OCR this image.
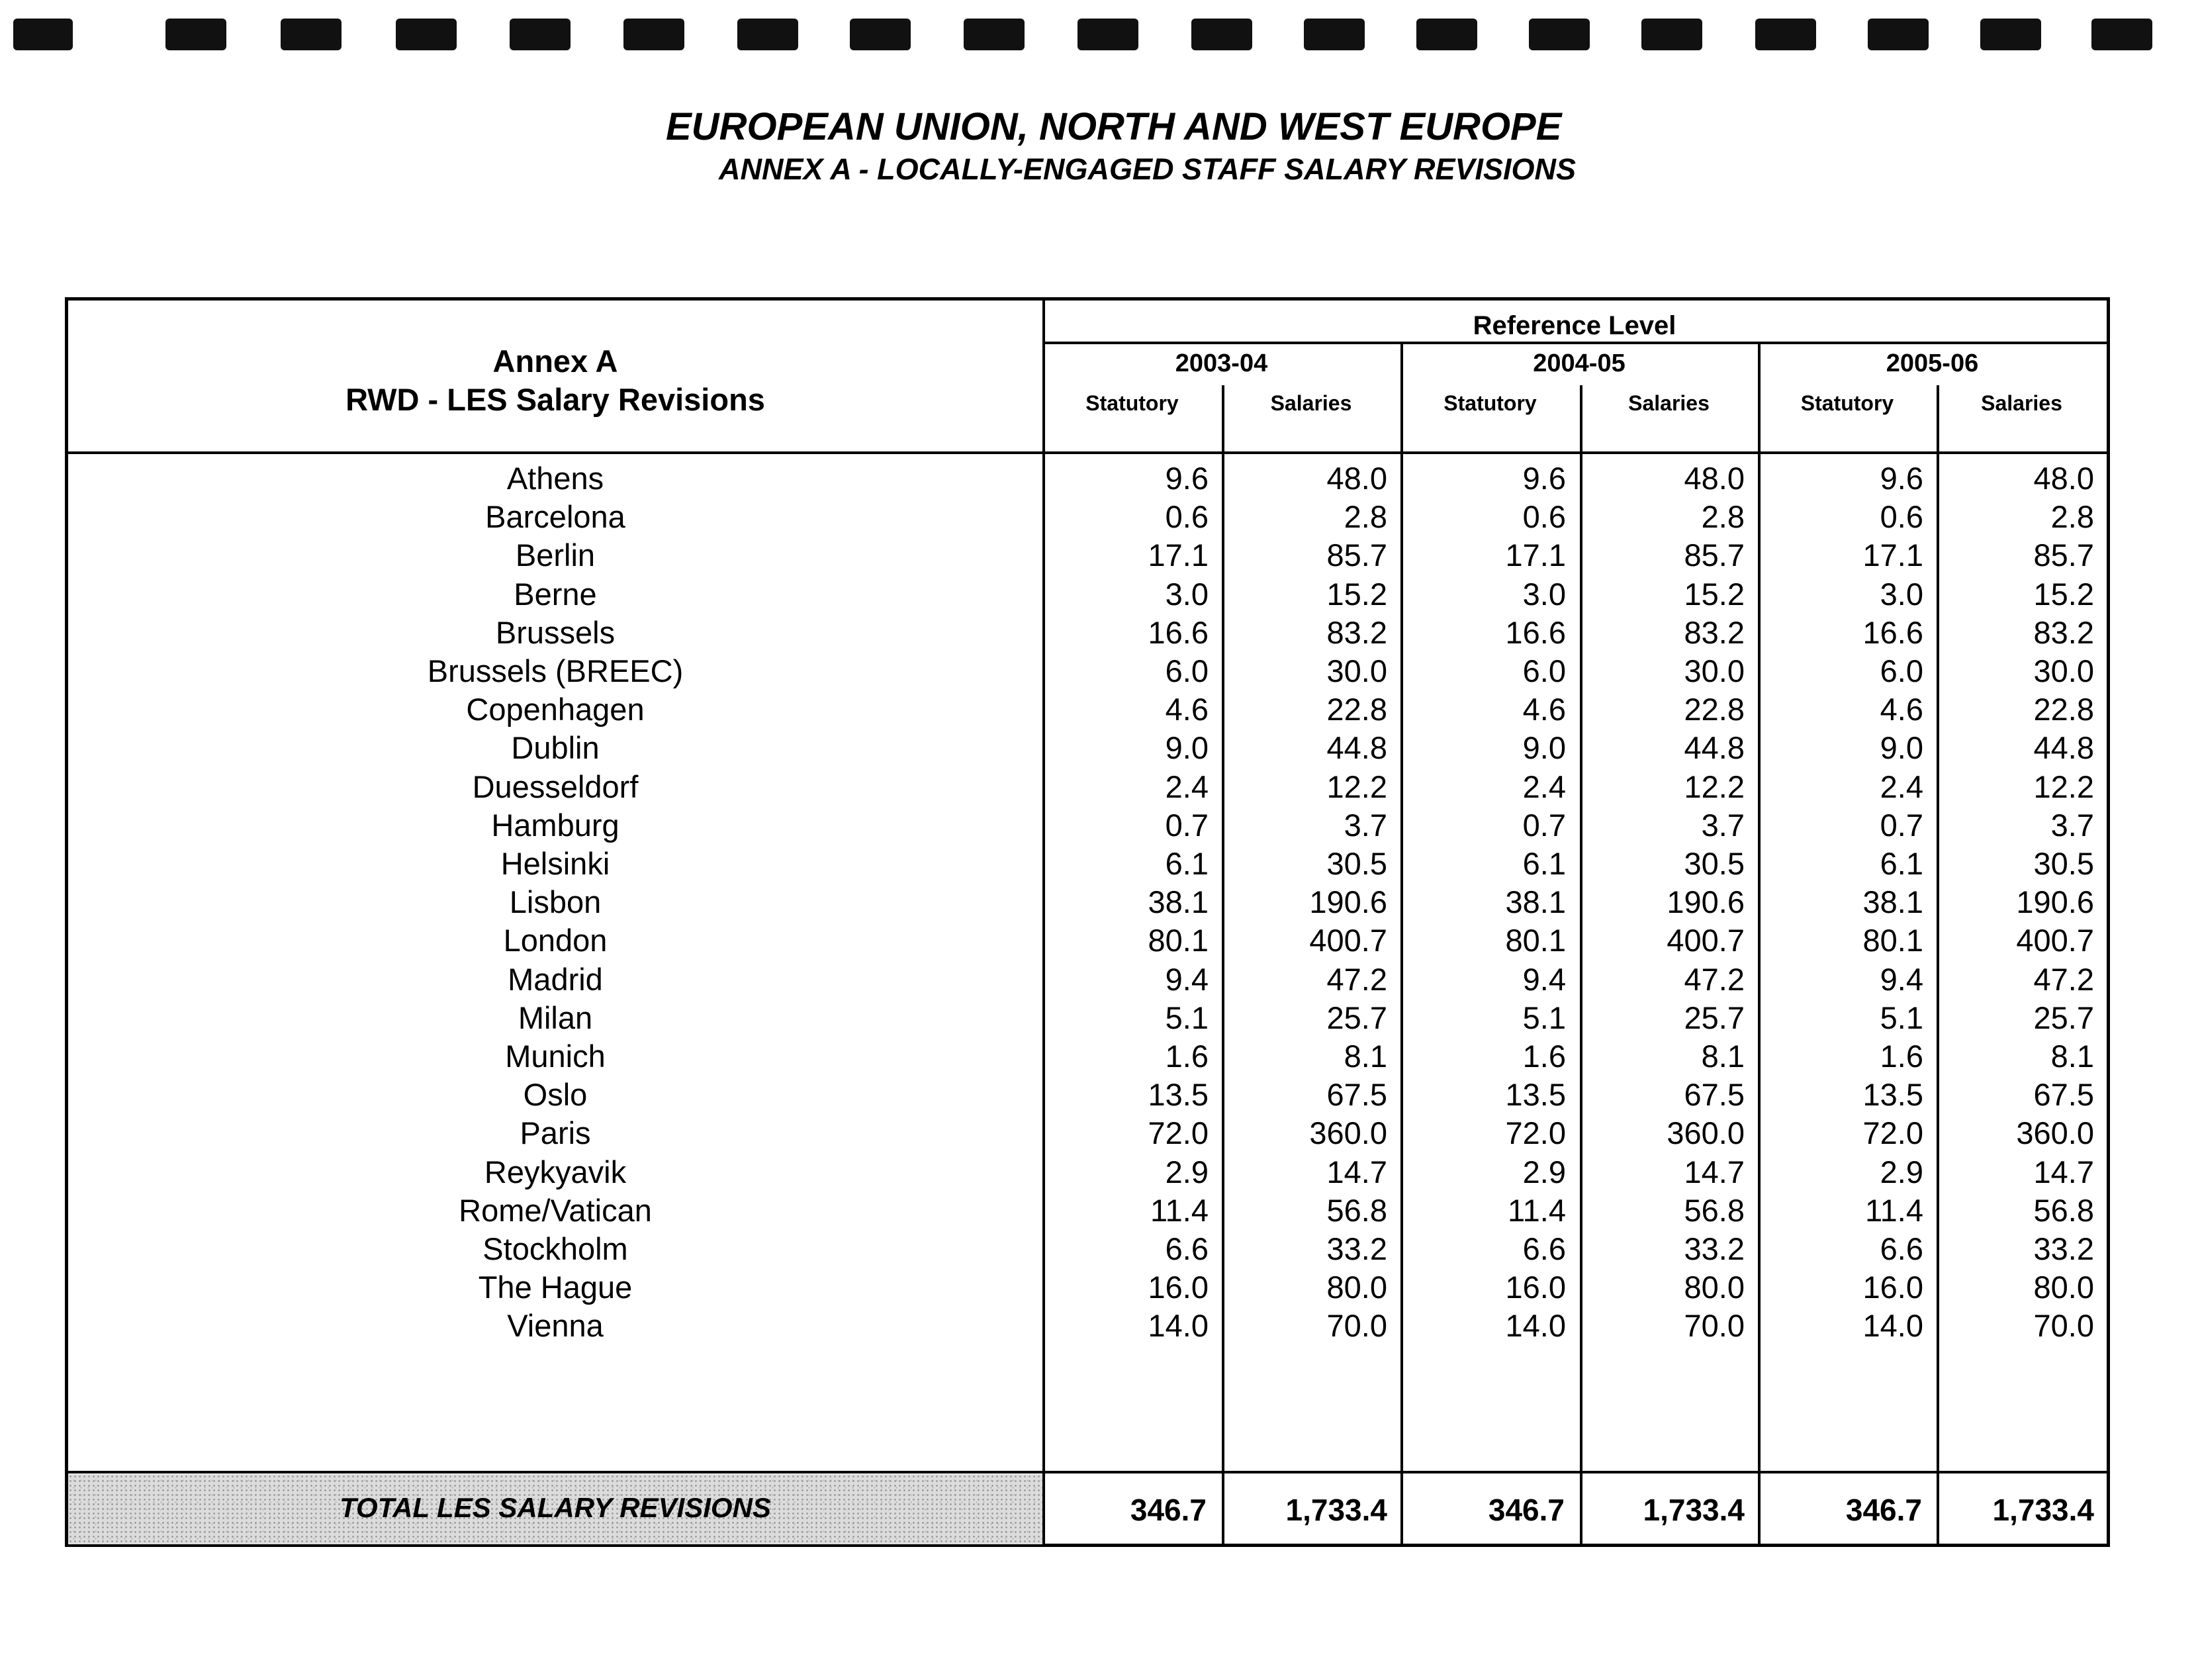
EUROPEAN UNION, NORTH AND WEST EUROPE
ANNEX A - LOCALLY-ENGAGED STAFF SALARY REVISIONS
Annex A
RWD - LES Salary Revisions
Reference Level
2003-04	2004-05	2005-06
Statutory	Salaries	Statutory	Salaries	Statutory	Salaries
Athens	9.6	48.0	9.6	48.0	9.6	48.0
Barcelona	0.6	2.8	0.6	2.8	0.6	2.8
Berlin	17.1	85.7	17.1	85.7	17.1	85.7
Berne	3.0	15.2	3.0	15.2	3.0	15.2
Brussels	16.6	83.2	16.6	83.2	16.6	83.2
Brussels (BREEC)	6.0	30.0	6.0	30.0	6.0	30.0
Copenhagen	4.6	22.8	4.6	22.8	4.6	22.8
Dublin	9.0	44.8	9.0	44.8	9.0	44.8
Duesseldorf	2.4	12.2	2.4	12.2	2.4	12.2
Hamburg	0.7	3.7	0.7	3.7	0.7	3.7
Helsinki	6.1	30.5	6.1	30.5	6.1	30.5
Lisbon	38.1	190.6	38.1	190.6	38.1	190.6
London	80.1	400.7	80.1	400.7	80.1	400.7
Madrid	9.4	47.2	9.4	47.2	9.4	47.2
Milan	5.1	25.7	5.1	25.7	5.1	25.7
Munich	1.6	8.1	1.6	8.1	1.6	8.1
Oslo	13.5	67.5	13.5	67.5	13.5	67.5
Paris	72.0	360.0	72.0	360.0	72.0	360.0
Reykyavik	2.9	14.7	2.9	14.7	2.9	14.7
Rome/Vatican	11.4	56.8	11.4	56.8	11.4	56.8
Stockholm	6.6	33.2	6.6	33.2	6.6	33.2
The Hague	16.0	80.0	16.0	80.0	16.0	80.0
Vienna	14.0	70.0	14.0	70.0	14.0	70.0
TOTAL LES SALARY REVISIONS	346.7	1,733.4	346.7	1,733.4	346.7	1,733.4
